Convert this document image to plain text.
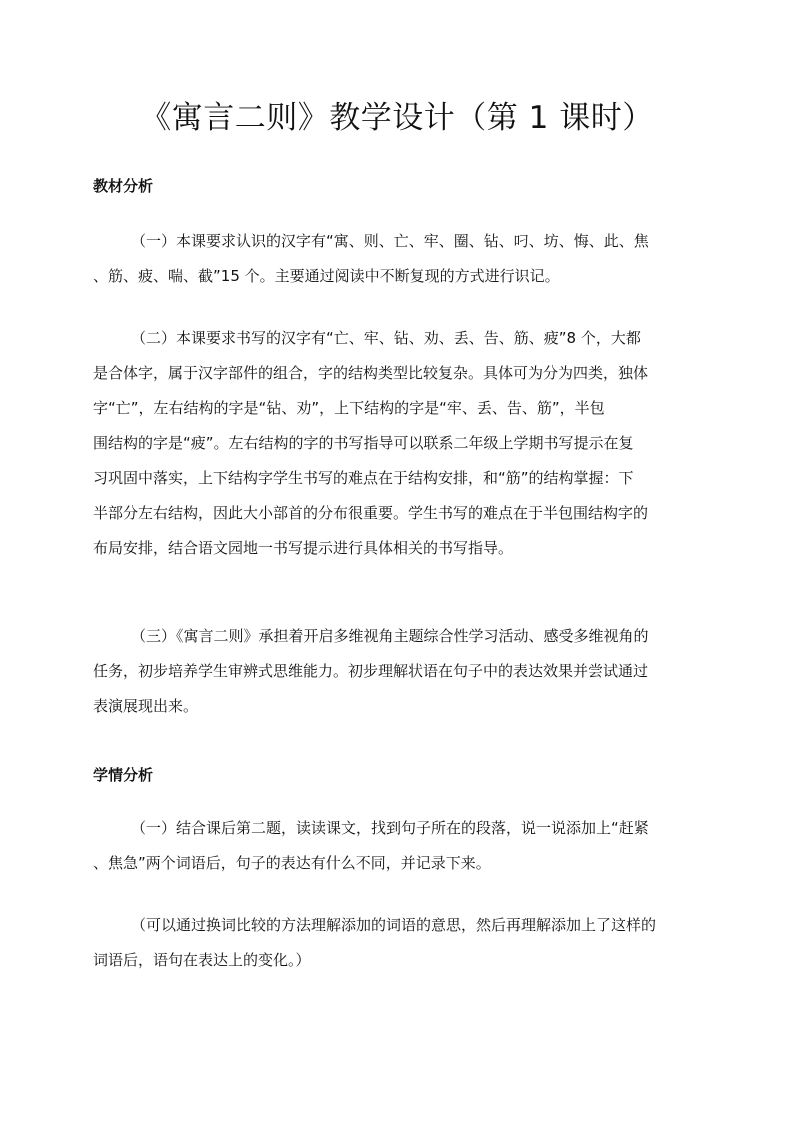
《寓言二则》教学设计（第 1 课时）
教材分析

（一）本课要求认识的汉字有“寓、则、亡、牢、圈、钻、叼、坊、悔、此、焦
、筋、疲、喘、截”15 个。主要通过阅读中不断复现的方式进行识记。

（二）本课要求书写的汉字有“亡、牢、钻、劝、丢、告、筋、疲”8 个，大都
是合体字，属于汉字部件的组合，字的结构类型比较复杂。具体可为分为四类，独体
字“亡”，左右结构的字是“钻、劝”，上下结构的字是“牢、丢、告、筋”，半包
围结构的字是“疲”。左右结构的字的书写指导可以联系二年级上学期书写提示在复
习巩固中落实，上下结构字学生书写的难点在于结构安排，和“筋”的结构掌握：下
半部分左右结构，因此大小部首的分布很重要。学生书写的难点在于半包围结构字的
布局安排，结合语文园地一书写提示进行具体相关的书写指导。

（三）《寓言二则》承担着开启多维视角主题综合性学习活动、感受多维视角的
任务，初步培养学生审辨式思维能力。初步理解状语在句子中的表达效果并尝试通过
表演展现出来。

学情分析

（一）结合课后第二题，读读课文，找到句子所在的段落，说一说添加上“赶紧
、焦急”两个词语后，句子的表达有什么不同，并记录下来。

（可以通过换词比较的方法理解添加的词语的意思，然后再理解添加上了这样的
词语后，语句在表达上的变化。）
